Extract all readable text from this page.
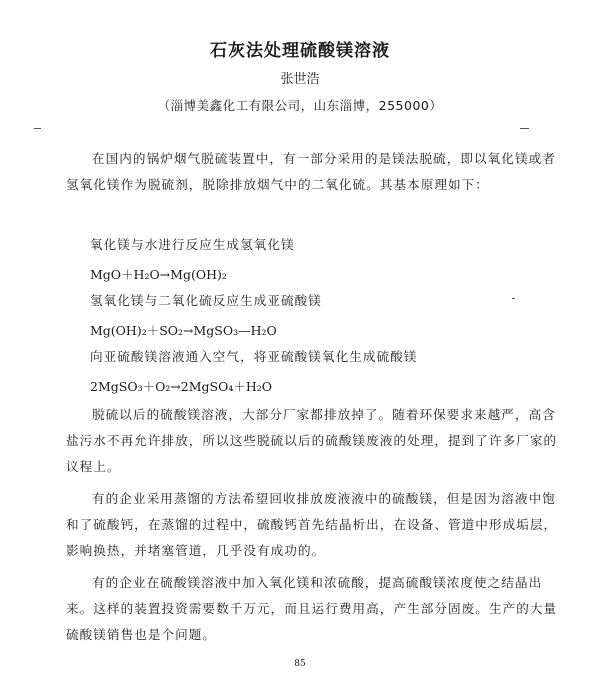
石灰法处理硫酸镁溶液
张世浩
（淄博美鑫化工有限公司，山东淄博，255000）

在国内的锅炉烟气脱硫装置中，有一部分采用的是镁法脱硫，即以氧化镁或者氢氧化镁作为脱硫剂，脱除排放烟气中的二氧化硫。其基本原理如下：

氧化镁与水进行反应生成氢氧化镁

MgO＋H₂O→Mg(OH)₂

氢氧化镁与二氧化硫反应生成亚硫酸镁

Mg(OH)₂＋SO₂→MgSO₃—H₂O

向亚硫酸镁溶液通入空气，将亚硫酸镁氧化生成硫酸镁

2MgSO₃＋O₂→2MgSO₄＋H₂O

脱硫以后的硫酸镁溶液，大部分厂家都排放掉了。随着环保要求来越严，高含盐污水不再允许排放，所以这些脱硫以后的硫酸镁废液的处理，提到了许多厂家的议程上。

有的企业采用蒸馏的方法希望回收排放废液液中的硫酸镁，但是因为溶液中饱和了硫酸钙，在蒸馏的过程中，硫酸钙首先结晶析出，在设备、管道中形成垢层，影响换热，并堵塞管道，几乎没有成功的。

有的企业在硫酸镁溶液中加入氧化镁和浓硫酸，提高硫酸镁浓度使之结晶出来。这样的装置投资需要数千万元，而且运行费用高，产生部分固废。生产的大量硫酸镁销售也是个问题。

85
